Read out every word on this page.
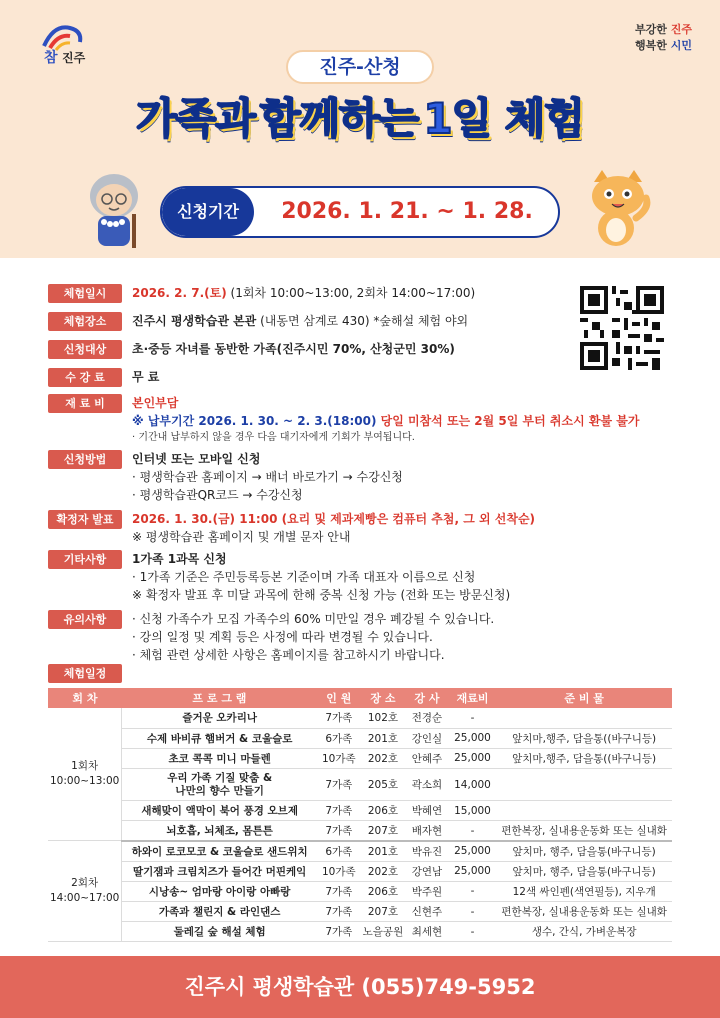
진주
참
부강한 진주
행복한 시민
진주-산청
가족과 함께하는 1일 체험
신청기간	2026. 1. 21. ~ 1. 28.
체험일시	2026. 2. 7.(토) (1회차 10:00~13:00, 2회차 14:00~17:00)
체험장소	진주시 평생학습관 본관 (내동면 삼계로 430) *숲해설 체험 야외
신청대상	초·중등 자녀를 동반한 가족(진주시민 70%, 산청군민 30%)
수 강 료	무 료
재 료 비	본인부담
※ 납부기간 2026. 1. 30. ~ 2. 3.(18:00) 당일 미참석 또는 2월 5일 부터 취소시 환불 불가
· 기간내 납부하지 않을 경우 다음 대기자에게 기회가 부여됩니다.
신청방법	인터넷 또는 모바일 신청
· 평생학습관 홈페이지 → 배너 바로가기 → 수강신청
· 평생학습관QR코드 → 수강신청
확정자 발표	2026. 1. 30.(금) 11:00 (요리 및 제과제빵은 컴퓨터 추첨, 그 외 선착순)
※ 평생학습관 홈페이지 및 개별 문자 안내
기타사항	1가족 1과목 신청
· 1가족 기준은 주민등록등본 기준이며 가족 대표자 이름으로 신청
※ 확정자 발표 후 미달 과목에 한해 중복 신청 가능 (전화 또는 방문신청)
유의사항	· 신청 가족수가 모집 가족수의 60% 미만일 경우 폐강될 수 있습니다.
· 강의 일정 및 계획 등은 사정에 따라 변경될 수 있습니다.
· 체험 관련 상세한 사항은 홈페이지를 참고하시기 바랍니다.
체험일정
회 차	프 로 그 램	인 원	장 소	강 사	재료비	준 비 물
1회차
10:00~13:00	즐거운 오카리나	7가족	102호	전경순	-	
	수제 바비큐 햄버거 & 코울슬로	6가족	201호	강인실	25,000	앞치마,행주, 담을통((바구니등)
	초코 콕콕 미니 마들렌	10가족	202호	안혜주	25,000	앞치마,행주, 담을통((바구니등)
	우리 가족 기질 맞춤 &
나만의 향수 만들기	7가족	205호	곽소희	14,000	
	새해맞이 액막이 북어 풍경 오브제	7가족	206호	박혜연	15,000	
	뇌호흡, 뇌체조, 몸튼튼	7가족	207호	배자현	-	편한복장, 실내용운동화 또는 실내화
2회차
14:00~17:00	하와이 로코모코 & 코울슬로 샌드위치	6가족	201호	박유진	25,000	앞치마, 행주, 담을통(바구니등)
	딸기잼과 크림치즈가 들어간 머핀케익	10가족	202호	강연남	25,000	앞치마, 행주, 담을통(바구니등)
	시낭송~ 엄마랑 아이랑 아빠랑	7가족	206호	박주원	-	12색 싸인펜(색연필등), 지우개
	가족과 챌린지 & 라인댄스	7가족	207호	신현주	-	편한복장, 실내용운동화 또는 실내화
	둘레길 숲 해설 체험	7가족	노을공원	최세현	-	생수, 간식, 가벼운복장
진주시 평생학습관 (055)749-5952
